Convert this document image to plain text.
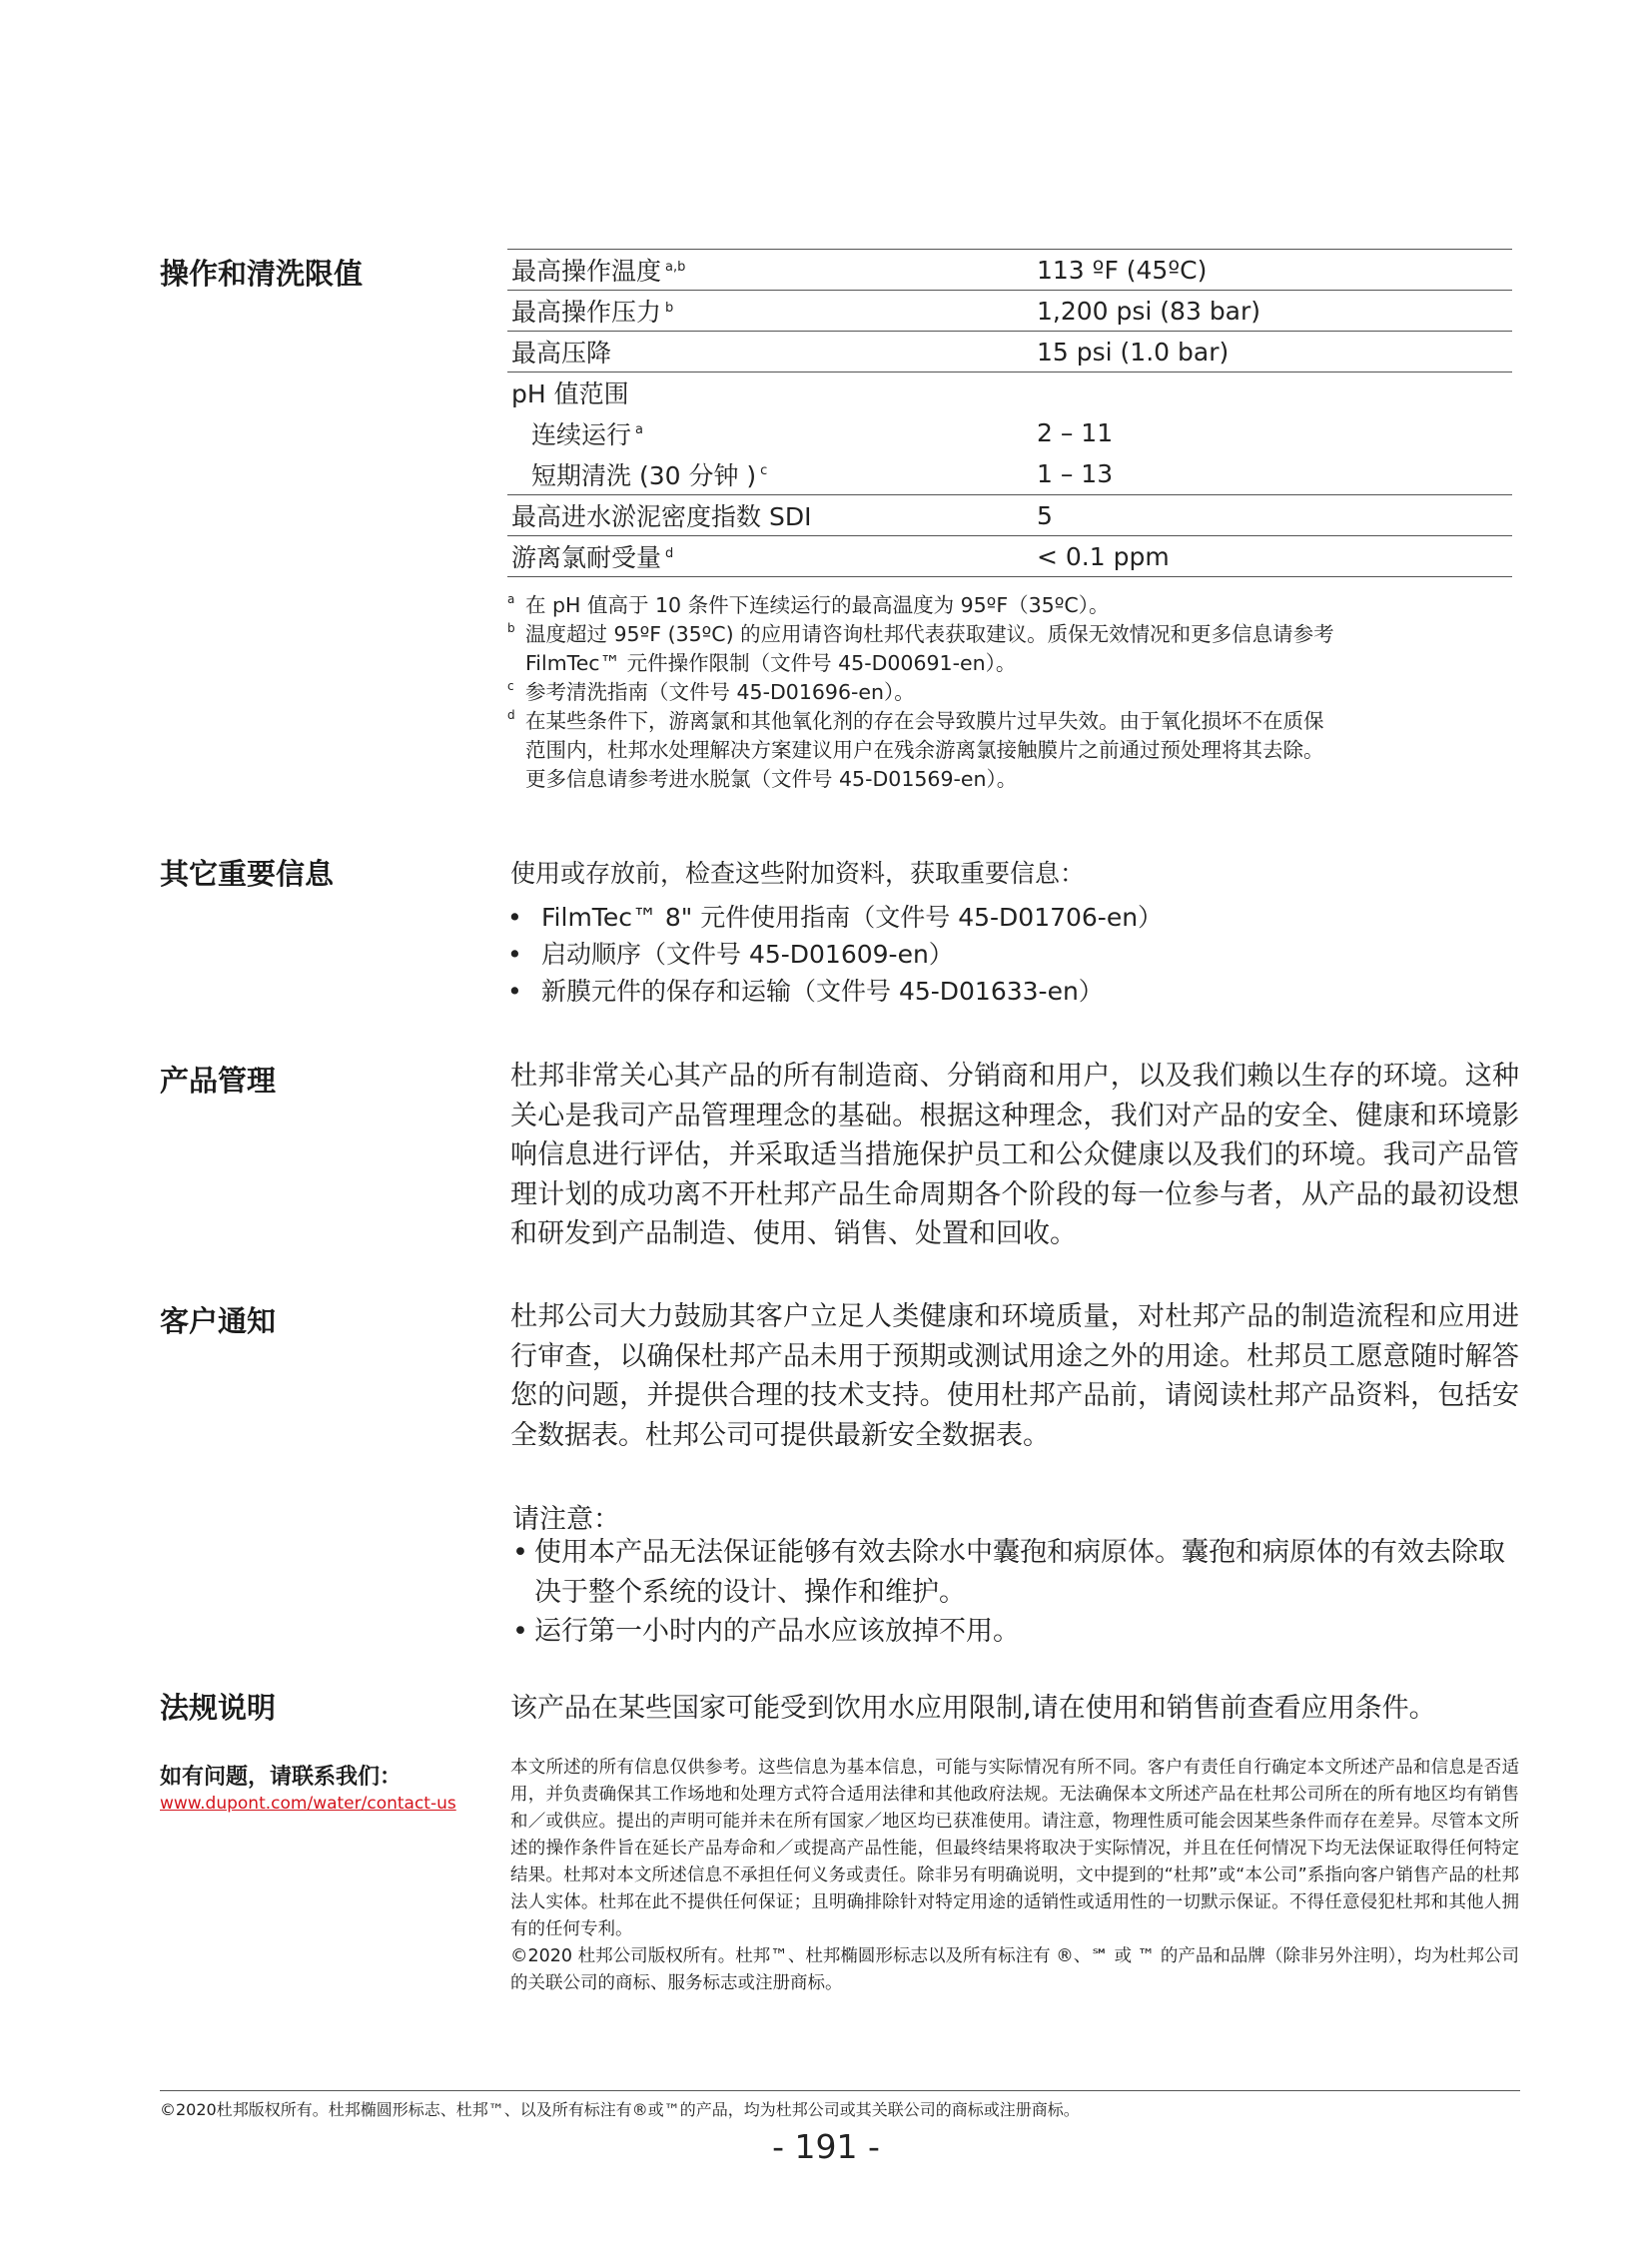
操作和清洗限值	最高操作温度 $^{a,b}$	113 ºF (45ºC)
最高操作压力 $^b$	1,200 psi (83 bar)
最高压降	15 psi (1.0 bar)
pH 值范围
连续运行 $^a$	2 – 11
短期清洗 (30 分钟 ) $^c$	1 – 13
最高进水淤泥密度指数 SDI	5
游离氯耐受量 $^d$	< 0.1 ppm
a 在 pH 值高于 10 条件下连续运行的最高温度为 95ºF（35ºC）。
b 温度超过 95ºF (35ºC) 的应用请咨询杜邦代表获取建议。质保无效情况和更多信息请参考
FilmTec™ 元件操作限制（文件号 45-D00691-en）。
c 参考清洗指南（文件号 45-D01696-en）。
d 在某些条件下，游离氯和其他氧化剂的存在会导致膜片过早失效。由于氧化损坏不在质保
范围内，杜邦水处理解决方案建议用户在残余游离氯接触膜片之前通过预处理将其去除。
更多信息请参考进水脱氯（文件号 45-D01569-en）。
其它重要信息	使用或存放前，检查这些附加资料，获取重要信息：
• FilmTec™ 8" 元件使用指南（文件号 45-D01706-en）
• 启动顺序（文件号 45-D01609-en）
• 新膜元件的保存和运输（文件号 45-D01633-en）
产品管理	杜邦非常关心其产品的所有制造商、分销商和用户，以及我们赖以生存的环境。这种关心是我司产品管理理念的基础。根据这种理念，我们对产品的安全、健康和环境影响信息进行评估，并采取适当措施保护员工和公众健康以及我们的环境。我司产品管理计划的成功离不开杜邦产品生命周期各个阶段的每一位参与者，从产品的最初设想和研发到产品制造、使用、销售、处置和回收。
客户通知	杜邦公司大力鼓励其客户立足人类健康和环境质量，对杜邦产品的制造流程和应用进行审查，以确保杜邦产品未用于预期或测试用途之外的用途。杜邦员工愿意随时解答您的问题，并提供合理的技术支持。使用杜邦产品前，请阅读杜邦产品资料，包括安全数据表。杜邦公司可提供最新安全数据表。
请注意：
• 使用本产品无法保证能够有效去除水中囊孢和病原体。囊孢和病原体的有效去除取决于整个系统的设计、操作和维护。
• 运行第一小时内的产品水应该放掉不用。
法规说明	该产品在某些国家可能受到饮用水应用限制,请在使用和销售前查看应用条件。
如有问题，请联系我们：
www.dupont.com/water/contact-us
本文所述的所有信息仅供参考。这些信息为基本信息，可能与实际情况有所不同。客户有责任自行确定本文所述产品和信息是否适用，并负责确保其工作场地和处理方式符合适用法律和其他政府法规。无法确保本文所述产品在杜邦公司所在的所有地区均有销售和／或供应。提出的声明可能并未在所有国家／地区均已获准使用。请注意，物理性质可能会因某些条件而存在差异。尽管本文所述的操作条件旨在延长产品寿命和／或提高产品性能，但最终结果将取决于实际情况，并且在任何情况下均无法保证取得任何特定结果。杜邦对本文所述信息不承担任何义务或责任。除非另有明确说明，文中提到的“杜邦”或“本公司”系指向客户销售产品的杜邦法人实体。杜邦在此不提供任何保证；且明确排除针对特定用途的适销性或适用性的一切默示保证。不得任意侵犯杜邦和其他人拥有的任何专利。
©2020 杜邦公司版权所有。杜邦™、杜邦椭圆形标志以及所有标注有 ®、℠ 或 ™ 的产品和品牌（除非另外注明），均为杜邦公司的关联公司的商标、服务标志或注册商标。
©2020杜邦版权所有。杜邦椭圆形标志、杜邦™、以及所有标注有®或™的产品，均为杜邦公司或其关联公司的商标或注册商标。
- 191 -
